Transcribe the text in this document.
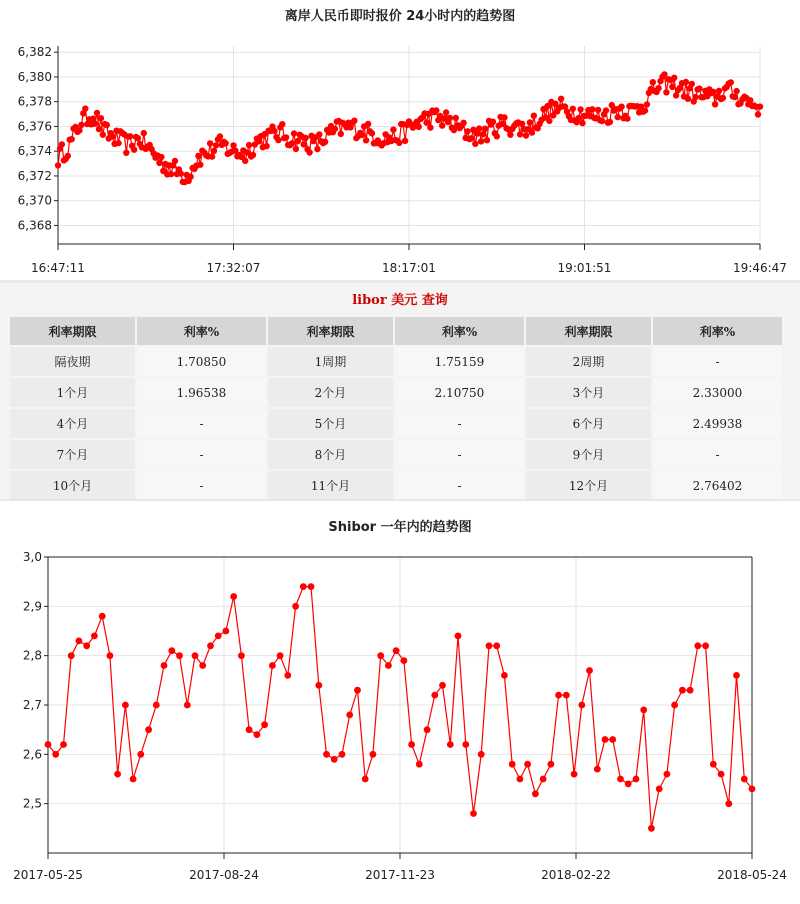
离岸人民币即时报价 24小时内的趋势图
6,368
6,370
6,372
6,374
6,376
6,378
6,380
6,382
16:47:11	17:32:07	18:17:01	19:01:51	19:46:47
libor 美元 查询
利率期限	利率%	利率期限	利率%	利率期限	利率%
隔夜期	1.70850	1周期	1.75159	2周期	-
1个月	1.96538	2个月	2.10750	3个月	2.33000
4个月	-	5个月	-	6个月	2.49938
7个月	-	8个月	-	9个月	-
10个月	-	11个月	-	12个月	2.76402
Shibor 一年内的趋势图
2,5
2,6
2,7
2,8
2,9
3,0
2017-05-25	2017-08-24	2017-11-23	2018-02-22	2018-05-24
